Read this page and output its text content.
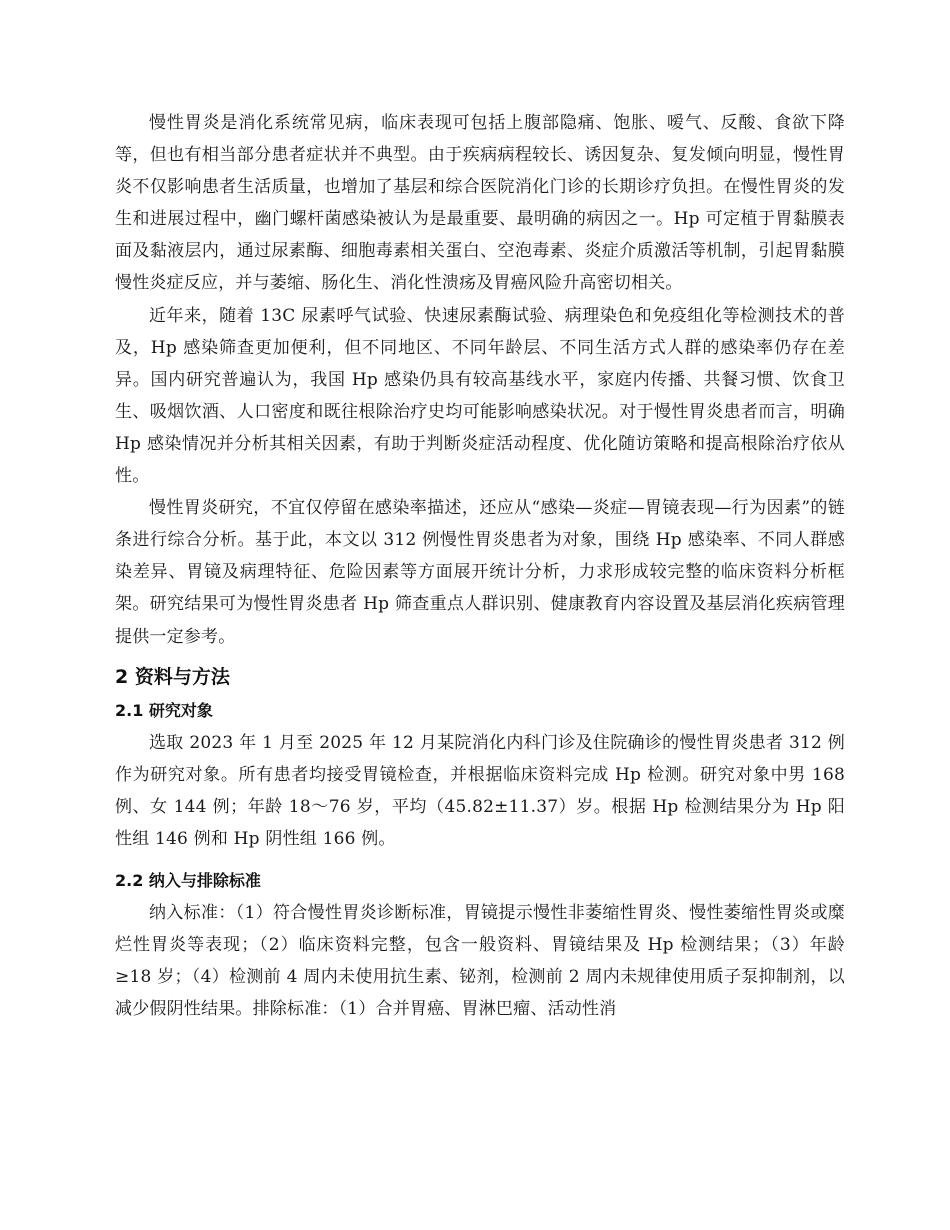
慢性胃炎是消化系统常见病，临床表现可包括上腹部隐痛、饱胀、嗳气、反酸、食欲下降等，但也有相当部分患者症状并不典型。由于疾病病程较长、诱因复杂、复发倾向明显，慢性胃炎不仅影响患者生活质量，也增加了基层和综合医院消化门诊的长期诊疗负担。在慢性胃炎的发生和进展过程中，幽门螺杆菌感染被认为是最重要、最明确的病因之一。Hp 可定植于胃黏膜表面及黏液层内，通过尿素酶、细胞毒素相关蛋白、空泡毒素、炎症介质激活等机制，引起胃黏膜慢性炎症反应，并与萎缩、肠化生、消化性溃疡及胃癌风险升高密切相关。

近年来，随着 13C 尿素呼气试验、快速尿素酶试验、病理染色和免疫组化等检测技术的普及，Hp 感染筛查更加便利，但不同地区、不同年龄层、不同生活方式人群的感染率仍存在差异。国内研究普遍认为，我国 Hp 感染仍具有较高基线水平，家庭内传播、共餐习惯、饮食卫生、吸烟饮酒、人口密度和既往根除治疗史均可能影响感染状况。对于慢性胃炎患者而言，明确 Hp 感染情况并分析其相关因素，有助于判断炎症活动程度、优化随访策略和提高根除治疗依从性。

慢性胃炎研究，不宜仅停留在感染率描述，还应从“感染—炎症—胃镜表现—行为因素”的链条进行综合分析。基于此，本文以 312 例慢性胃炎患者为对象，围绕 Hp 感染率、不同人群感染差异、胃镜及病理特征、危险因素等方面展开统计分析，力求形成较完整的临床资料分析框架。研究结果可为慢性胃炎患者 Hp 筛查重点人群识别、健康教育内容设置及基层消化疾病管理提供一定参考。

2 资料与方法
2.1 研究对象

选取 2023 年 1 月至 2025 年 12 月某院消化内科门诊及住院确诊的慢性胃炎患者 312 例作为研究对象。所有患者均接受胃镜检查，并根据临床资料完成 Hp 检测。研究对象中男 168 例、女 144 例；年龄 18～76 岁，平均（45.82±11.37）岁。根据 Hp 检测结果分为 Hp 阳性组 146 例和 Hp 阴性组 166 例。

2.2 纳入与排除标准

纳入标准：（1）符合慢性胃炎诊断标准，胃镜提示慢性非萎缩性胃炎、慢性萎缩性胃炎或糜烂性胃炎等表现；（2）临床资料完整，包含一般资料、胃镜结果及 Hp 检测结果；（3）年龄≥18 岁；（4）检测前 4 周内未使用抗生素、铋剂，检测前 2 周内未规律使用质子泵抑制剂，以减少假阴性结果。排除标准：（1）合并胃癌、胃淋巴瘤、活动性消
